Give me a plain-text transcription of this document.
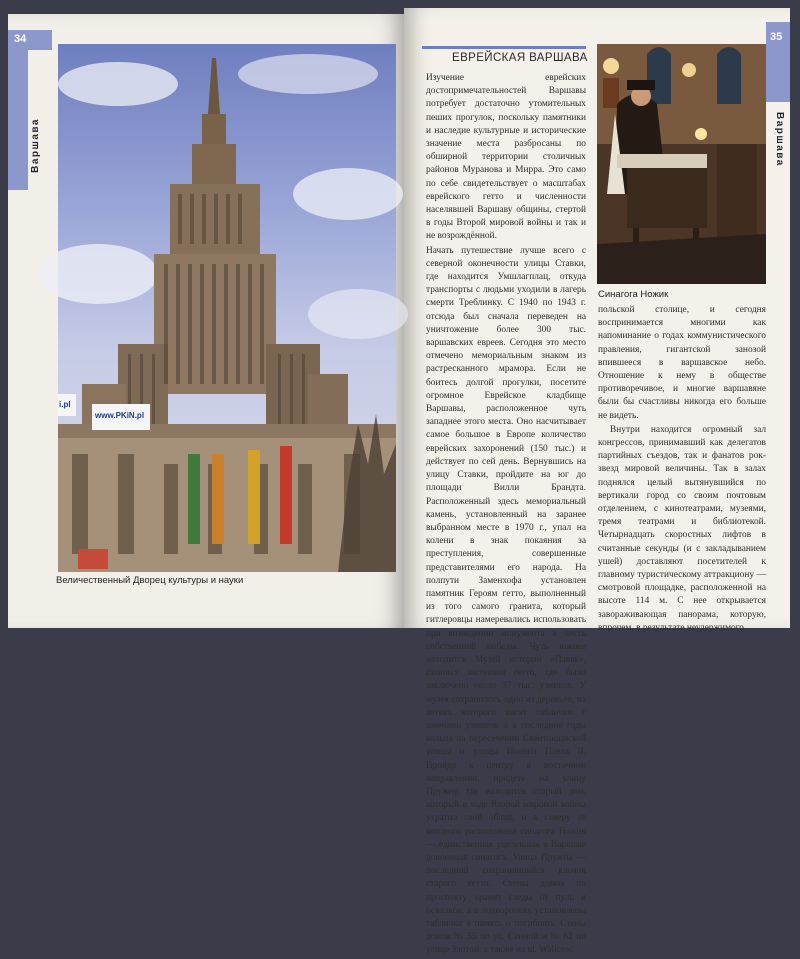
34	35
Варшава	Варшава
www.PKiN.pl
i.pl
Величественный Дворец культуры и науки
ЕВРЕЙСКАЯ ВАРШАВА

Изучение еврейских достопримечательностей Варшавы потребует достаточно утомительных пеших прогулок, поскольку памятники и наследие культурные и исторические значение места разбросаны по обширной территории столичных районов Мурановa и Миррa. Это само по себе свидетельствует о масштабах еврейского гетто и численности населявшей Варшаву общины, стертой в годы Второй мировой войны и так и не возрождённой.

Начать путешествие лучше всего с северной оконечности улицы Ставки, где находится Умшлагплац, откуда транспорты с людьми уходили в лагерь смерти Треблинку. С 1940 по 1943 г. отсюда был сначала переведен на уничтожение более 300 тыс. варшавских евреев. Сегодня это место отмечено мемориальным знаком из растресканного мрамора. Если не боитесь долгой прогулки, посетите огромное Еврейское кладбище Варшавы, расположенное чуть западнее этого места. Оно насчитывает самое большое в Европе количество еврейских захоронений (150 тыс.) и действует по сей день. Вернувшись на улицу Ставки, пройдите на юг до площади Вилли Брандта. Расположенный здесь мемориальный камень, установленный на заранее выбранном месте в 1970 г., упал на колени в знак покаяния за преступления, совершенные представителями его народа. На полпути Заменхофа установлен памятник Героям гетто, выполненный из того самого гранита, который гитлеровцы намеревались использовать при возведении монумента в честь собственной победы. Чуть южнее находится Музей истории «Павяк», главных застенков гетто, где было заключено около 37 тыс. узников. У музея сохранилось одно из деревьев, на ветвях которого висят таблички с именами узников, а в последние годы кольца на пересечении Свентокшиской улицы и улицы Иоанна Павла II. Пройдя к центру в восточном направлении, придете на улицу Пружну, где находится старый дом, который в ходе Второй мировой войны утратил свой облик, и к северу от которого расположена синагога Ножик — единственная уцелевшая в Варшаве довоенная синагога. Улица Пружна — последний сохранившийся клочок старого гетто. Стены домов по проспекту хранят следы от пуль и осколков, а в подворотнях установлены таблички в память о погибших. Стены домов № 55 по ул. Сенной и № 62 по улице Злотой, а также на ul. Walicow.

Синагога Ножик

польской столице, и сегодня воспринимается многими как напоминание о годах коммунистического правления, гигантской занозой впившееся в варшавское небо. Отношение к нему в обществе противоречивое, и многие варшавяне были бы счастливы никогда его больше не видеть.

Внутри находится огромный зал конгрессов, принимавший как делегатов партийных съездов, так и фанатов рок-звезд мировой величины. Так в залах поднялся целый вытянувшийся по вертикали город со своим почтовым отделением, с кинотеатрами, музеями, тремя театрами и библиотекой. Четырнадцать скоростных лифтов в считанные секунды (и с закладыванием ушей) доставляют посетителей к главному туристическому аттракциону — смотровой площадке, расположенной на высоте 114 м. С нее открывается завораживающая панорама, которую, впрочем, в результате неудержимого
